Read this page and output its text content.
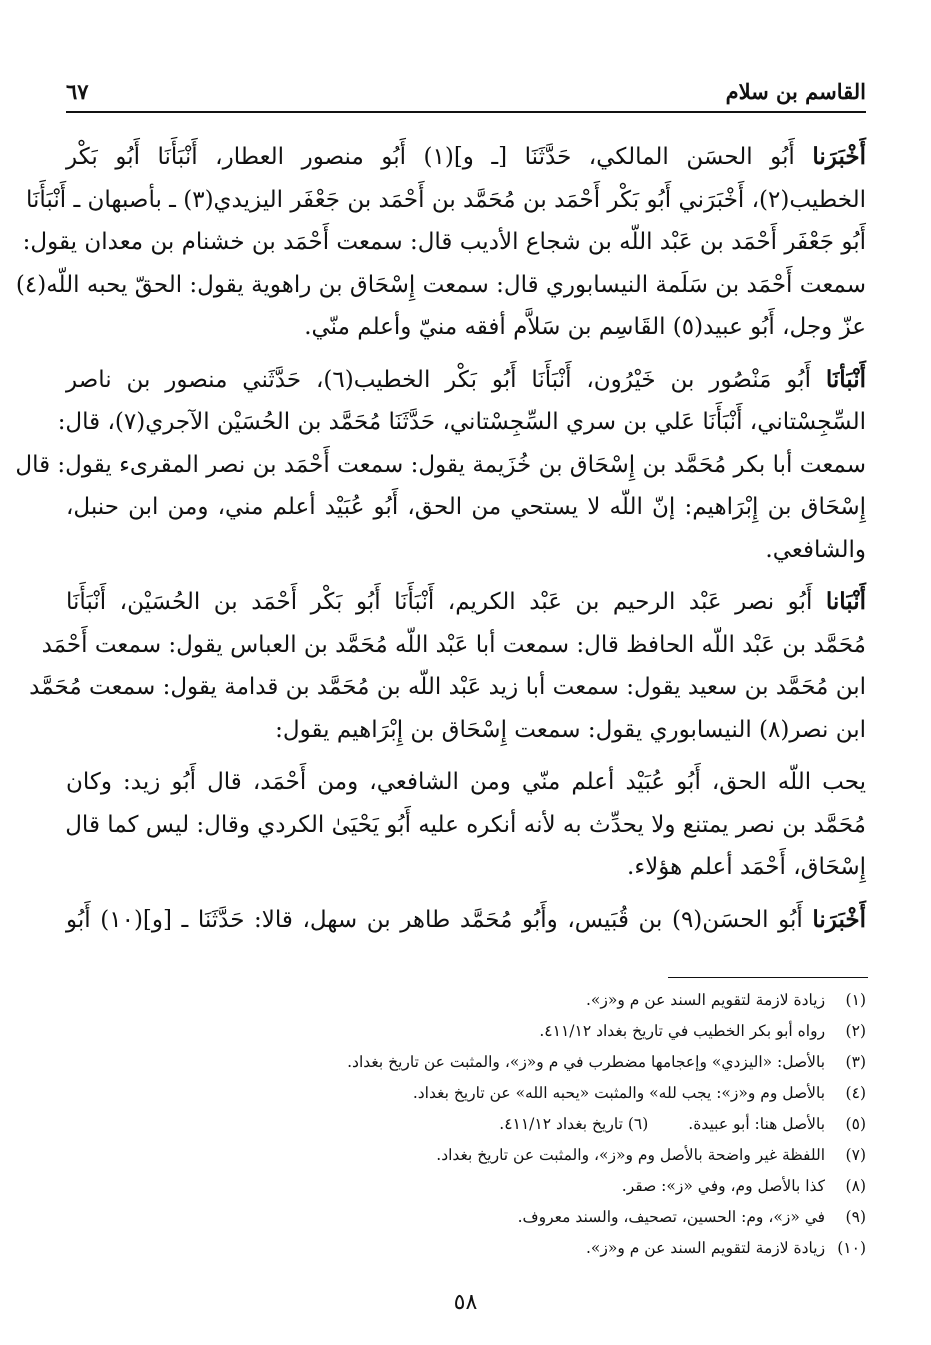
القاسم بن سلام
٦٧

أَخْبَرَنا أَبُو الحسَن المالكي، حَدَّثَنَا [ـ و](١) أَبُو منصور العطار، أَنْبَأَنَا أَبُو بَكْر
الخطيب(٢)، أَخْبَرَني أَبُو بَكْر أَحْمَد بن مُحَمَّد بن أَحْمَد بن جَعْفَر اليزيدي(٣) ـ بأصبهان ـ أَنْبَأَنَا
أَبُو جَعْفَر أَحْمَد بن عَبْد اللّه بن شجاع الأديب قال: سمعت أَحْمَد بن خشنام بن معدان يقول:
سمعت أَحْمَد بن سَلَمة النيسابوري قال: سمعت إِسْحَاق بن راهوية يقول: الحقّ يحبه اللّه(٤)
عزّ وجل، أَبُو عبيد(٥) القَاسِم بن سَلاَّم أفقه منيّ وأعلم منّي.

أَنْبَأنَا أَبُو مَنْصُور بن خَيْرُون، أَنْبَأَنَا أَبُو بَكْر الخطيب(٦)، حَدَّثَني منصور بن ناصر
السِّجِسْتاني، أَنْبَأَنَا عَلي بن سري السِّجِسْتاني، حَدَّثَنَا مُحَمَّد بن الحُسَيْن الآجري(٧)، قال:
سمعت أبا بكر مُحَمَّد بن إِسْحَاق بن خُزَيمة يقول: سمعت أَحْمَد بن نصر المقرىء يقول: قال
إِسْحَاق بن إِبْرَاهيم: إنّ اللّه لا يستحي من الحق، أَبُو عُبَيْد أعلم مني، ومن ابن حنبل،
والشافعي.

أَنْبَانا أَبُو نصر عَبْد الرحيم بن عَبْد الكريم، أَنْبَأَنَا أَبُو بَكْر أَحْمَد بن الحُسَيْن، أَنْبَأَنَا
مُحَمَّد بن عَبْد اللّه الحافظ قال: سمعت أبا عَبْد اللّه مُحَمَّد بن العباس يقول: سمعت أَحْمَد
ابن مُحَمَّد بن سعيد يقول: سمعت أبا زيد عَبْد اللّه بن مُحَمَّد بن قدامة يقول: سمعت مُحَمَّد
ابن نصر(٨) النيسابوري يقول: سمعت إِسْحَاق بن إِبْرَاهيم يقول:

يحب اللّه الحق، أَبُو عُبَيْد أعلم منّي ومن الشافعي، ومن أَحْمَد، قال أَبُو زيد: وكان
مُحَمَّد بن نصر يمتنع ولا يحدِّث به لأنه أنكره عليه أَبُو يَحْيَىٰ الكردي وقال: ليس كما قال
إِسْحَاق، أَحْمَد أعلم هؤلاء.

أَخْبَرَنا أَبُو الحسَن(٩) بن قُبَيس، وأَبُو مُحَمَّد طاهر بن سهل، قالا: حَدَّثَنَا ـ [و](١٠) أَبُو

(١) زيادة لازمة لتقويم السند عن م و«ز».
(٢) رواه أبو بكر الخطيب في تاريخ بغداد ٤١١/١٢.
(٣) بالأصل: «اليزدي» وإعجامها مضطرب في م و«ز»، والمثبت عن تاريخ بغداد.
(٤) بالأصل وم و«ز»: يجب لله» والمثبت «يحبه الله» عن تاريخ بغداد.
(٥) بالأصل هنا: أبو عبيدة.(٦) تاريخ بغداد ٤١١/١٢.
(٧) اللفظة غير واضحة بالأصل وم و«ز»، والمثبت عن تاريخ بغداد.
(٨) كذا بالأصل وم، وفي «ز»: صقر.
(٩) في «ز»، وم: الحسين، تصحيف، والسند معروف.
(١٠) زيادة لازمة لتقويم السند عن م و«ز».
٥٨
